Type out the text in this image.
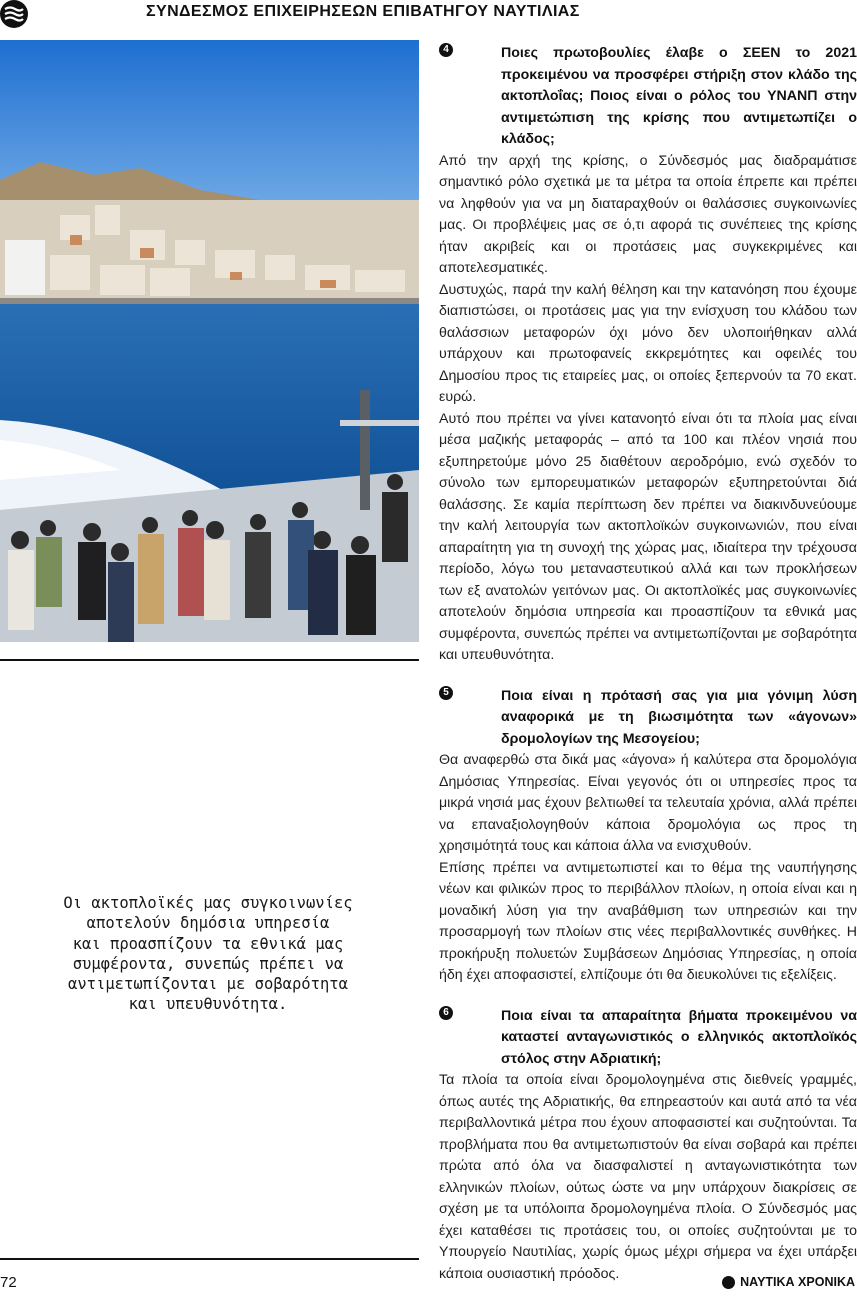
ΣΥΝΔΕΣΜΟΣ ΕΠΙΧΕΙΡΗΣΕΩΝ ΕΠΙΒΑΤΗΓΟΥ ΝΑΥΤΙΛΙΑΣ
Οι ακτοπλοϊκές μας συγκοινωνίες
αποτελούν δημόσια υπηρεσία
και προασπίζουν τα εθνικά μας
συμφέροντα, συνεπώς πρέπει να
αντιμετωπίζονται με σοβαρότητα
και υπευθυνότητα.
4	Ποιες πρωτοβουλίες έλαβε ο ΣΕΕΝ το 2021 προκειμένου να προσφέρει στήριξη στον κλάδο της ακτοπλοΐας; Ποιος είναι ο ρόλος του ΥΝΑΝΠ στην αντιμετώπιση της κρίσης που αντιμετωπίζει ο κλάδος;

Από την αρχή της κρίσης, ο Σύνδεσμός μας διαδραμάτισε σημαντικό ρόλο σχετικά με τα μέτρα τα οποία έπρεπε και πρέπει να ληφθούν για να μη διαταραχθούν οι θαλάσσιες συγκοινωνίες μας. Οι προβλέψεις μας σε ό,τι αφορά τις συνέπειες της κρίσης ήταν ακριβείς και οι προτάσεις μας συγκεκριμένες και αποτελεσματικές.

Δυστυχώς, παρά την καλή θέληση και την κατανόηση που έχουμε διαπιστώσει, οι προτάσεις μας για την ενίσχυση του κλάδου των θαλάσσιων μεταφορών όχι μόνο δεν υλοποιήθηκαν αλλά υπάρχουν και πρωτοφανείς εκκρεμότητες και οφειλές του Δημοσίου προς τις εταιρείες μας, οι οποίες ξεπερνούν τα 70 εκατ. ευρώ.

Αυτό που πρέπει να γίνει κατανοητό είναι ότι τα πλοία μας είναι μέσα μαζικής μεταφοράς – από τα 100 και πλέον νησιά που εξυπηρετούμε μόνο 25 διαθέτουν αεροδρόμιο, ενώ σχεδόν το σύνολο των εμπορευματικών μεταφορών εξυπηρετούνται διά θαλάσσης. Σε καμία περίπτωση δεν πρέπει να διακινδυνεύουμε την καλή λειτουργία των ακτοπλοϊκών συγκοινωνιών, που είναι απαραίτητη για τη συνοχή της χώρας μας, ιδιαίτερα την τρέχουσα περίοδο, λόγω του μεταναστευτικού αλλά και των προκλήσεων των εξ ανατολών γειτόνων μας. Οι ακτοπλοϊκές μας συγκοινωνίες αποτελούν δημόσια υπηρεσία και προασπίζουν τα εθνικά μας συμφέροντα, συνεπώς πρέπει να αντιμετωπίζονται με σοβαρότητα και υπευθυνότητα.

5	Ποια είναι η πρότασή σας για μια γόνιμη λύση αναφορικά με τη βιωσιμότητα των «άγονων» δρομολογίων της Μεσογείου;

Θα αναφερθώ στα δικά μας «άγονα» ή καλύτερα στα δρομολόγια Δημόσιας Υπηρεσίας. Είναι γεγονός ότι οι υπηρεσίες προς τα μικρά νησιά μας έχουν βελτιωθεί τα τελευταία χρόνια, αλλά πρέπει να επαναξιολογηθούν κάποια δρομολόγια ως προς τη χρησιμότητά τους και κάποια άλλα να ενισχυθούν.

Επίσης πρέπει να αντιμετωπιστεί και το θέμα της ναυπήγησης νέων και φιλικών προς το περιβάλλον πλοίων, η οποία είναι και η μοναδική λύση για την αναβάθμιση των υπηρεσιών και την προσαρμογή των πλοίων στις νέες περιβαλλοντικές συνθήκες. Η προκήρυξη πολυετών Συμβάσεων Δημόσιας Υπηρεσίας, η οποία ήδη έχει αποφασιστεί, ελπίζουμε ότι θα διευκολύνει τις εξελίξεις.

6	Ποια είναι τα απαραίτητα βήματα προκειμένου να καταστεί ανταγωνιστικός ο ελληνικός ακτοπλοϊκός στόλος στην Αδριατική;

Τα πλοία τα οποία είναι δρομολογημένα στις διεθνείς γραμμές, όπως αυτές της Αδριατικής, θα επηρεαστούν και αυτά από τα νέα περιβαλλοντικά μέτρα που έχουν αποφασιστεί και συζητούνται. Τα προβλήματα που θα αντιμετωπιστούν θα είναι σοβαρά και πρέπει πρώτα από όλα να διασφαλιστεί η ανταγωνιστικότητα των ελληνικών πλοίων, ούτως ώστε να μην υπάρχουν διακρίσεις σε σχέση με τα υπόλοιπα δρομολογημένα πλοία. Ο Σύνδεσμός μας έχει καταθέσει τις προτάσεις του, οι οποίες συζητούνται με το Υπουργείο Ναυτιλίας, χωρίς όμως μέχρι σήμερα να έχει υπάρξει κάποια ουσιαστική πρόοδος.

72	ΝΑΥΤΙΚΑ ΧΡΟΝΙΚΑ
